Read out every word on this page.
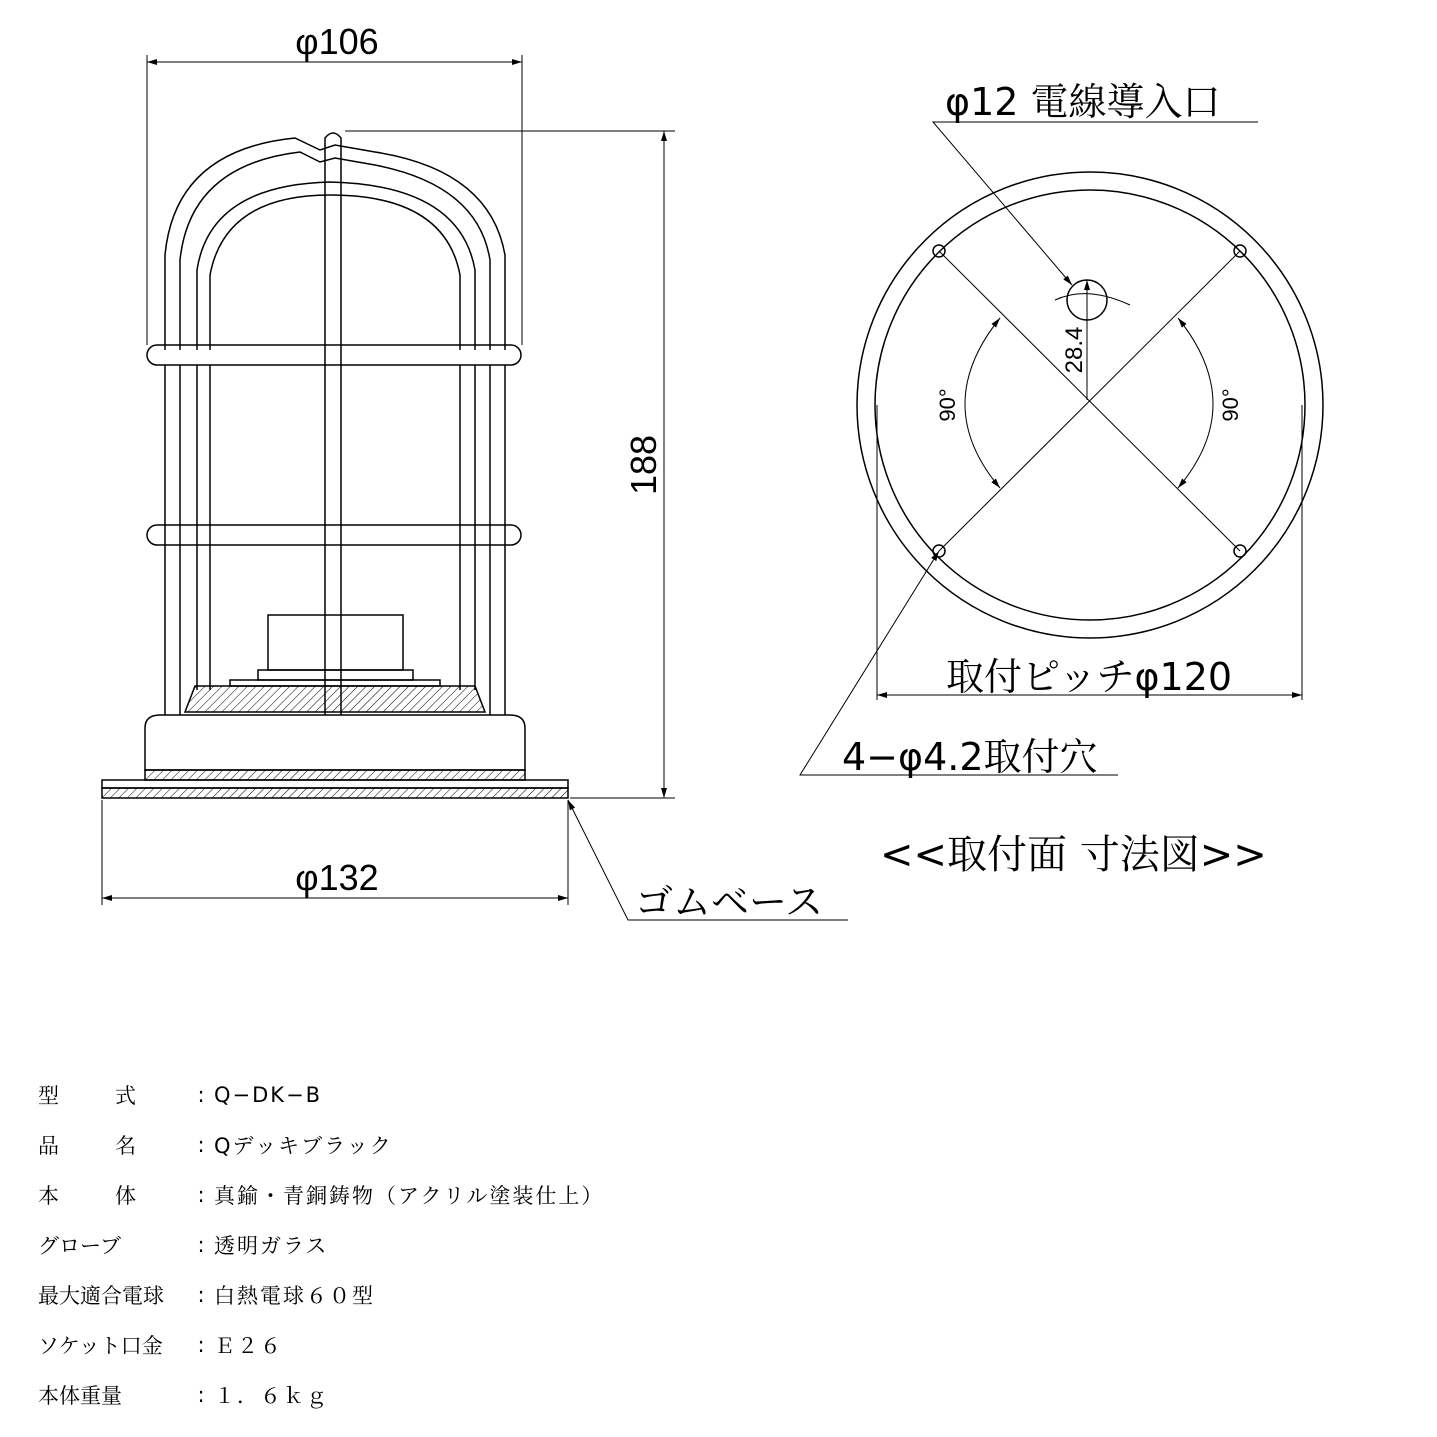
φ106
188
φ132
ゴムベース
φ12 電線導入口
28.4
90°	90°
取付ピッチφ120
4−φ4.2取付穴
<<取付面 寸法図>>
型	式	: Q−DK−B
品	名	: Qデッキブラック
本	体	: 真鍮・青銅鋳物（アクリル塗装仕上）
グローブ	: 透明ガラス
最大適合電球	: 白熱電球６０型
ソケット口金	: Ｅ２６
本体重量	: １．６ｋｇ
